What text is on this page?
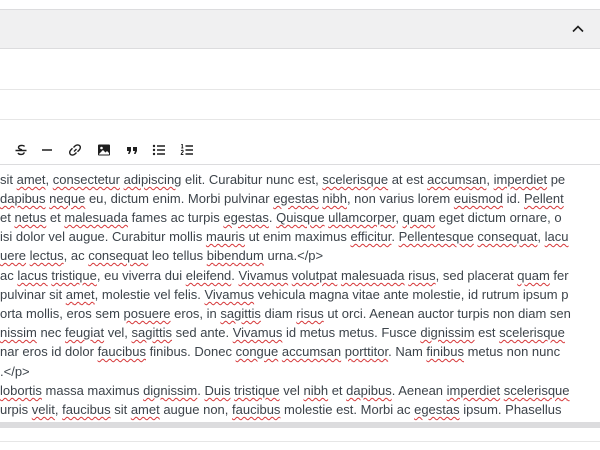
sit amet, consectetur adipiscing elit. Curabitur nunc est, scelerisque at est accumsan, imperdiet pe
dapibus neque eu, dictum enim. Morbi pulvinar egestas nibh, non varius lorem euismod id. Pellent
et netus et malesuada fames ac turpis egestas. Quisque ullamcorper, quam eget dictum ornare, o
isi dolor vel augue. Curabitur mollis mauris ut enim maximus efficitur. Pellentesque consequat, lacu
uere lectus, ac consequat leo tellus bibendum urna.</p>
ac lacus tristique, eu viverra dui eleifend. Vivamus volutpat malesuada risus, sed placerat quam fer
pulvinar sit amet, molestie vel felis. Vivamus vehicula magna vitae ante molestie, id rutrum ipsum p
orta mollis, eros sem posuere eros, in sagittis diam risus ut orci. Aenean auctor turpis non diam sen
nissim nec feugiat vel, sagittis sed ante. Vivamus id metus metus. Fusce dignissim est scelerisque
nar eros id dolor faucibus finibus. Donec congue accumsan porttitor. Nam finibus metus non nunc
.</p>
lobortis massa maximus dignissim. Duis tristique vel nibh et dapibus. Aenean imperdiet scelerisque
urpis velit, faucibus sit amet augue non, faucibus molestie est. Morbi ac egestas ipsum. Phasellus
